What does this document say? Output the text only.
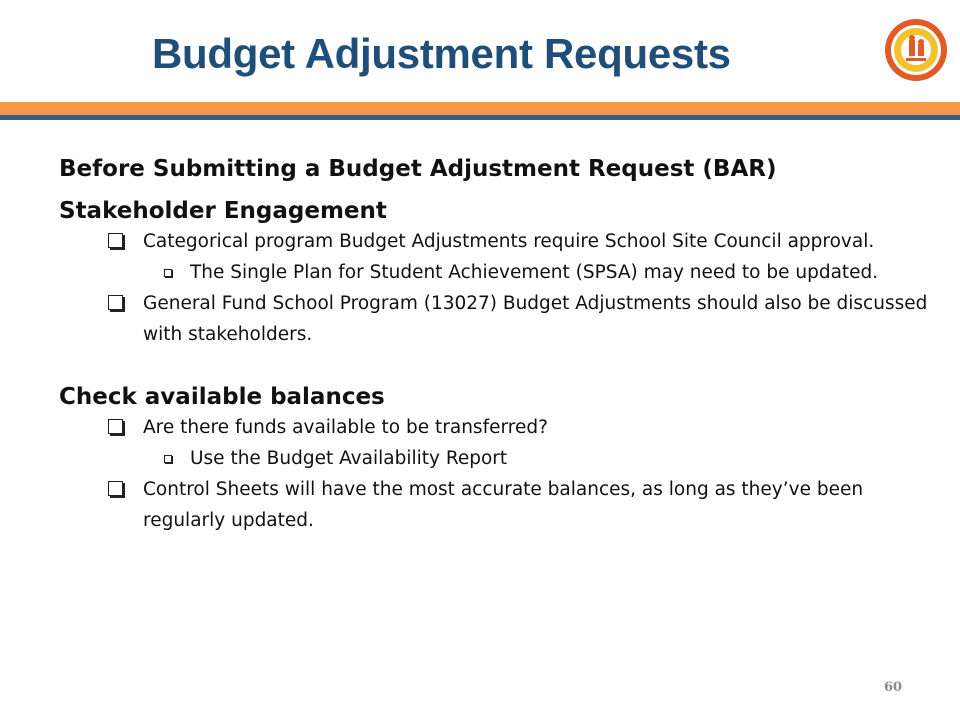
Budget Adjustment Requests
Before Submitting a Budget Adjustment Request (BAR)
Stakeholder Engagement
Categorical program Budget Adjustments require School Site Council approval.
The Single Plan for Student Achievement (SPSA) may need to be updated.
General Fund School Program (13027) Budget Adjustments should also be discussed with stakeholders.
Check available balances
Are there funds available to be transferred?
Use the Budget Availability Report
Control Sheets will have the most accurate balances, as long as they’ve been regularly updated.
60
